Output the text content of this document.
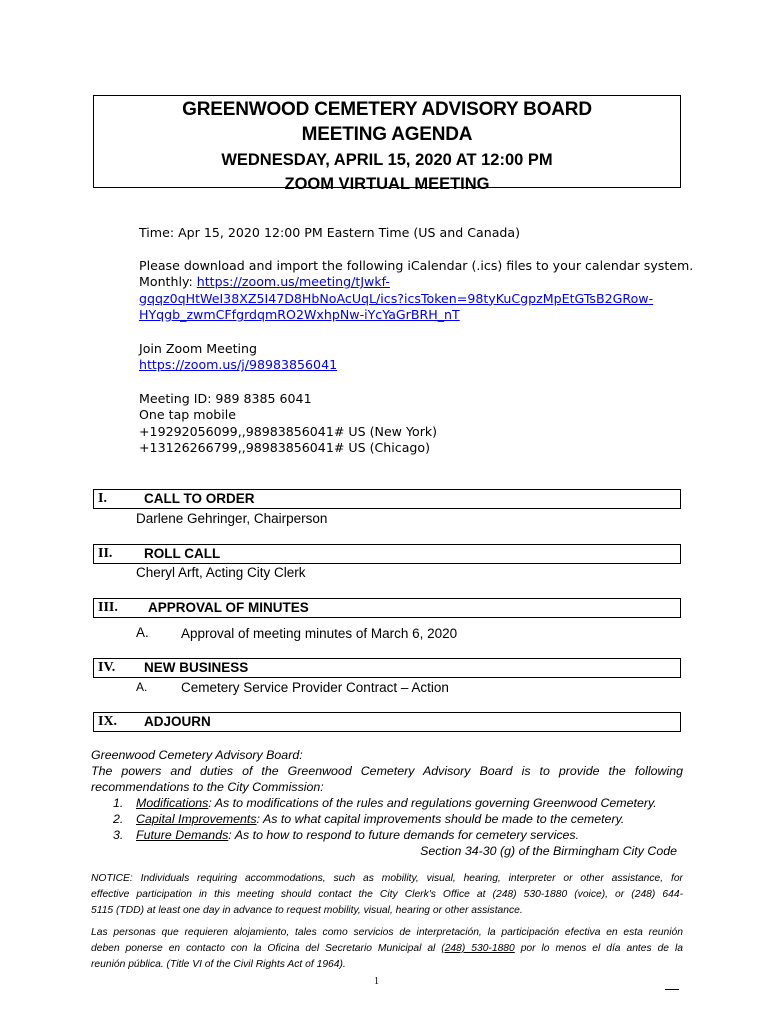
GREENWOOD CEMETERY ADVISORY BOARD
MEETING AGENDA
WEDNESDAY, APRIL 15, 2020 AT 12:00 PM
ZOOM VIRTUAL MEETING

Time: Apr 15, 2020 12:00 PM Eastern Time (US and Canada)

Please download and import the following iCalendar (.ics) files to your calendar system.

Monthly: https://zoom.us/meeting/tJwkf-

gqqz0qHtWeI38XZ5I47D8HbNoAcUqL/ics?icsToken=98tyKuCgpzMpEtGTsB2GRow-

HYqgb_zwmCFfgrdqmRO2WxhpNw-iYcYaGrBRH_nT

Join Zoom Meeting

https://zoom.us/j/98983856041

Meeting ID: 989 8385 6041

One tap mobile

+19292056099,,98983856041# US (New York)

+13126266799,,98983856041# US (Chicago)

I.	CALL TO ORDER
Darlene Gehringer, Chairperson
II. ROLL CALL
Cheryl Arft, Acting City Clerk
III. APPROVAL OF MINUTES
A. Approval of meeting minutes of March 6, 2020
IV. NEW BUSINESS
A. Cemetery Service Provider Contract – Action
IX. ADJOURN

Greenwood Cemetery Advisory Board:

The powers and duties of the Greenwood Cemetery Advisory Board is to provide the following

recommendations to the City Commission:

1. Modifications: As to modifications of the rules and regulations governing Greenwood Cemetery.
2. Capital Improvements: As to what capital improvements should be made to the cemetery.
3. Future Demands: As to how to respond to future demands for cemetery services.

Section 34-30 (g) of the Birmingham City Code

NOTICE: Individuals requiring accommodations, such as mobility, visual, hearing, interpreter or other assistance, for

effective participation in this meeting should contact the City Clerk's Office at (248) 530-1880 (voice), or (248) 644-

5115 (TDD) at least one day in advance to request mobility, visual, hearing or other assistance.

Las personas que requieren alojamiento, tales como servicios de interpretación, la participación efectiva en esta reunión

deben ponerse en contacto con la Oficina del Secretario Municipal al (248) 530-1880 por lo menos el día antes de la

reunión pública. (Title VI of the Civil Rights Act of 1964).

1
